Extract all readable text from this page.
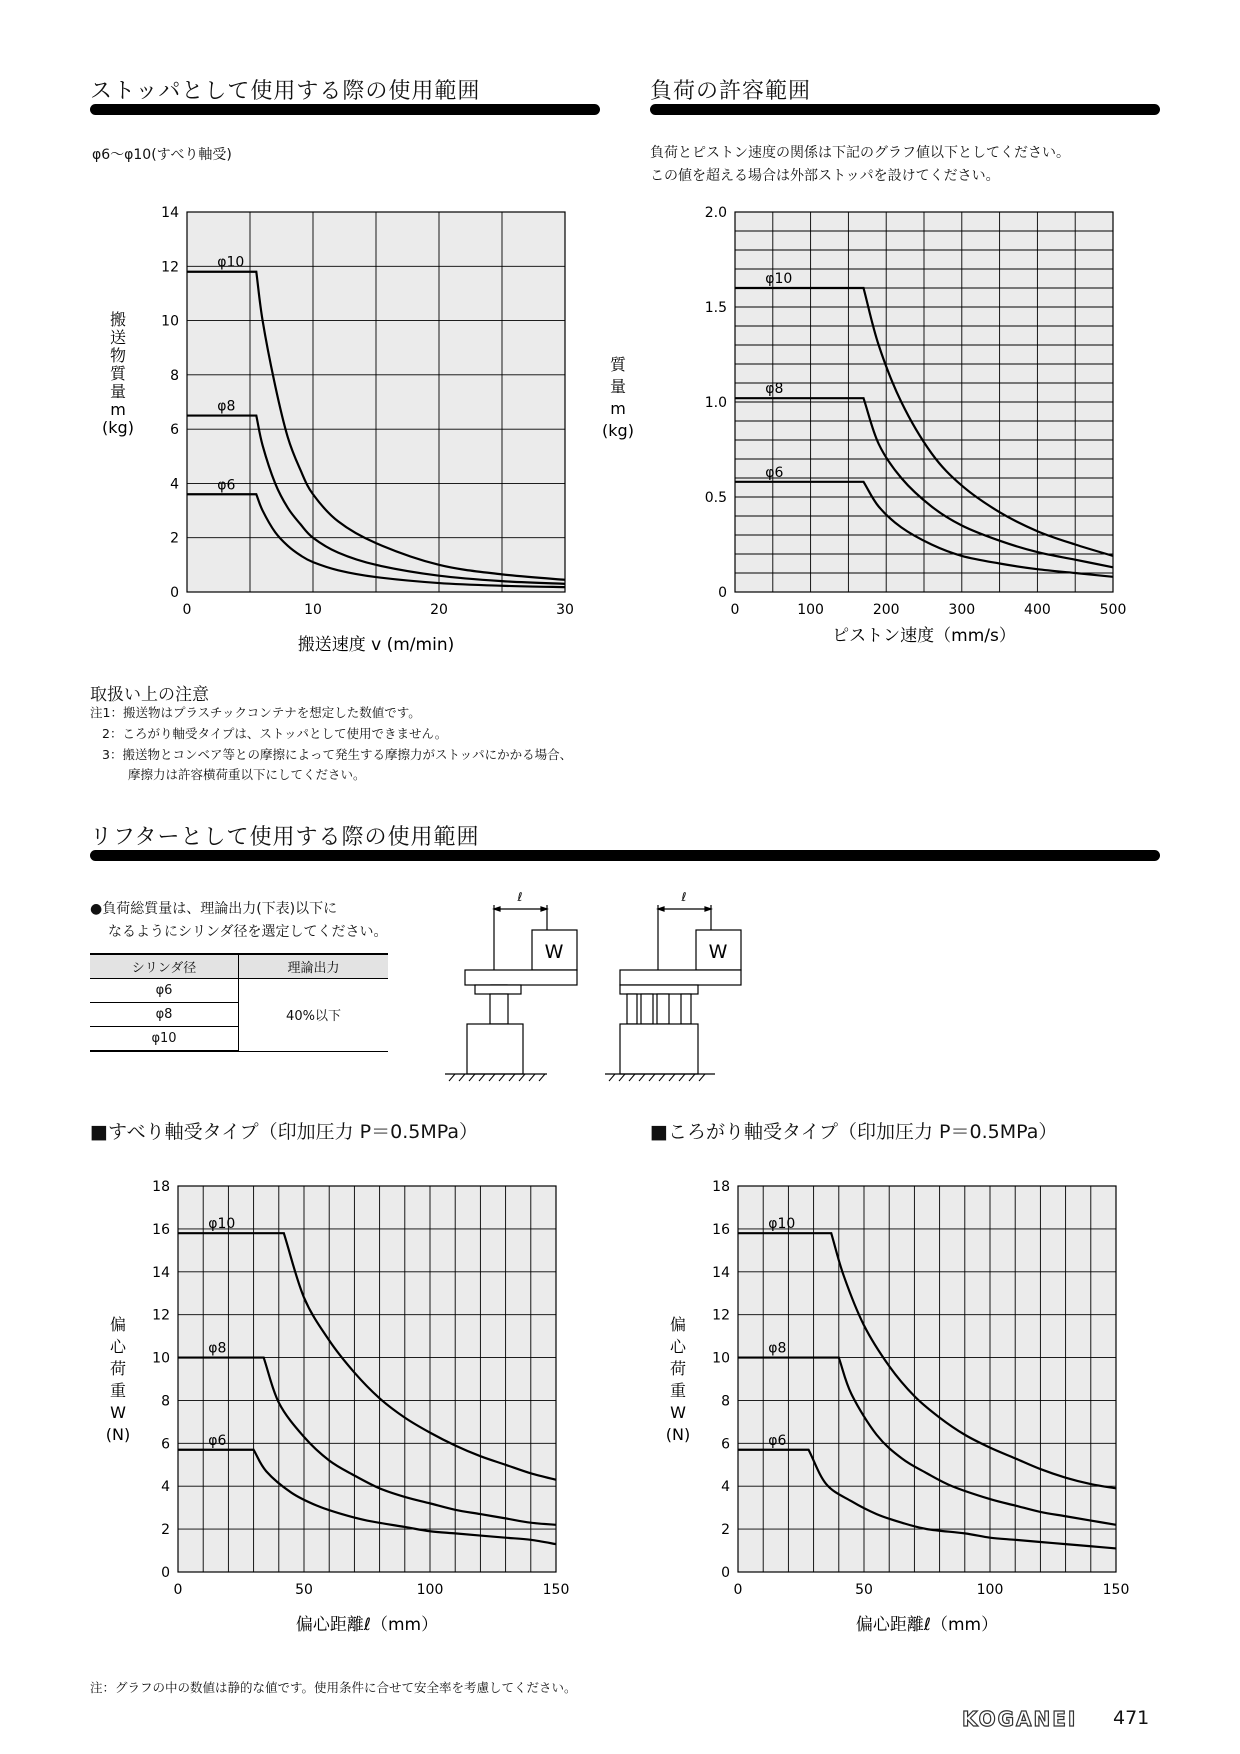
ストッパとして使用する際の使用範囲	負荷の許容範囲
φ6〜φ10(すべり軸受)	負荷とピストン速度の関係は下記のグラフ値以下としてください。
この値を超える場合は外部ストッパを設けてください。
0
2
4
6
8
10
12
14
0	10	20	30
搬
送
物
質
量
m
(kg)
搬送速度 v (m/min)
φ10
φ8
φ6
0
0.5
1.0
1.5
2.0
0	100	200	300	400	500
質
量
m
(kg)
ピストン速度（mm/s）
φ10
φ8
φ6
取扱い上の注意
注1：搬送物はプラスチックコンテナを想定した数値です。
2：ころがり軸受タイプは、ストッパとして使用できません。
3：搬送物とコンベア等との摩擦によって発生する摩擦力がストッパにかかる場合、
摩擦力は許容横荷重以下にしてください。
リフターとして使用する際の使用範囲
●負荷総質量は、理論出力(下表)以下に
なるようにシリンダ径を選定してください。
シリンダ径	理論出力
φ6	40%以下
φ8	
φ10	
ℓ	ℓ
W	W
■すべり軸受タイプ（印加圧力 P＝0.5MPa）	■ころがり軸受タイプ（印加圧力 P＝0.5MPa）
0
2
4
6
8
10
12
14
16
18
0	50	100	150
偏
心
荷
重
W
(N)
偏心距離ℓ（mm）
φ10
φ8
φ6
0
2
4
6
8
10
12
14
16
18
0	50	100	150
偏
心
荷
重
W
(N)
偏心距離ℓ（mm）
φ10
φ8
φ6
注：グラフの中の数値は静的な値です。使用条件に合せて安全率を考慮してください。
KOGANEI 471
